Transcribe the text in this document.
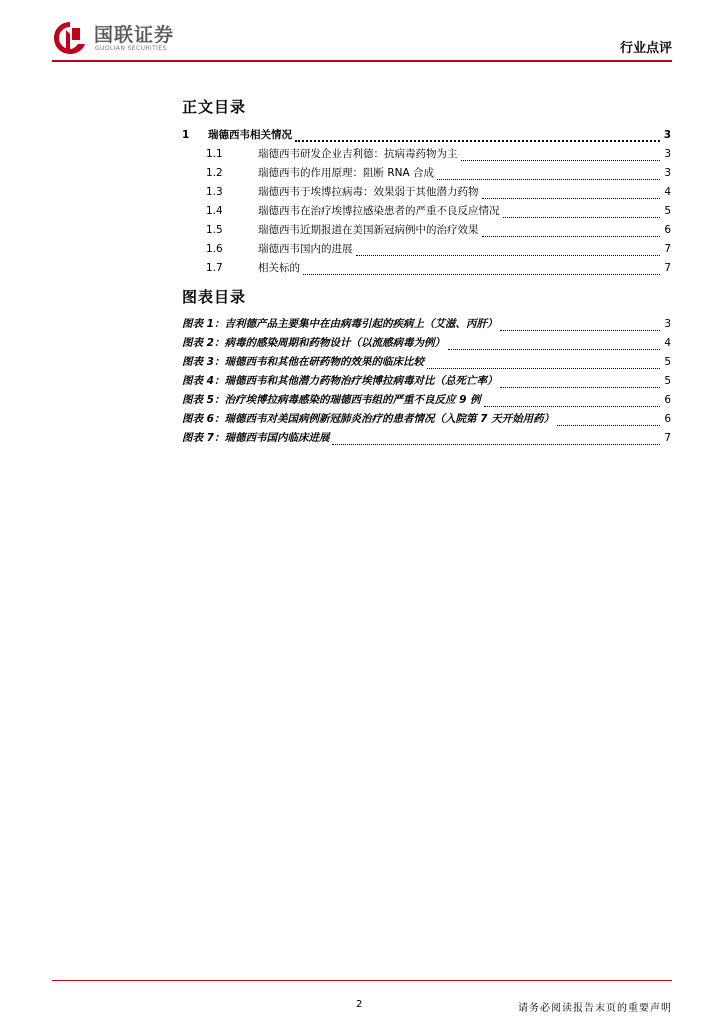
国联证券
GUOLIAN SECURITIES	行业点评
正文目录
1	瑞德西韦相关情况	3
1.1	瑞德西韦研发企业吉利德：抗病毒药物为主	3
1.2	瑞德西韦的作用原理：阻断 RNA 合成	3
1.3	瑞德西韦于埃博拉病毒：效果弱于其他潜力药物	4
1.4	瑞德西韦在治疗埃博拉感染患者的严重不良反应情况	5
1.5	瑞德西韦近期报道在美国新冠病例中的治疗效果	6
1.6	瑞德西韦国内的进展	7
1.7	相关标的	7
图表目录
图表 1：吉利德产品主要集中在由病毒引起的疾病上（艾滋、丙肝）	3
图表 2：病毒的感染周期和药物设计（以流感病毒为例）	4
图表 3：瑞德西韦和其他在研药物的效果的临床比较	5
图表 4：瑞德西韦和其他潜力药物治疗埃博拉病毒对比（总死亡率）	5
图表 5：治疗埃博拉病毒感染的瑞德西韦组的严重不良反应 9 例	6
图表 6：瑞德西韦对美国病例新冠肺炎治疗的患者情况（入院第 7 天开始用药）	6
图表 7：瑞德西韦国内临床进展	7
2	请务必阅读报告末页的重要声明
